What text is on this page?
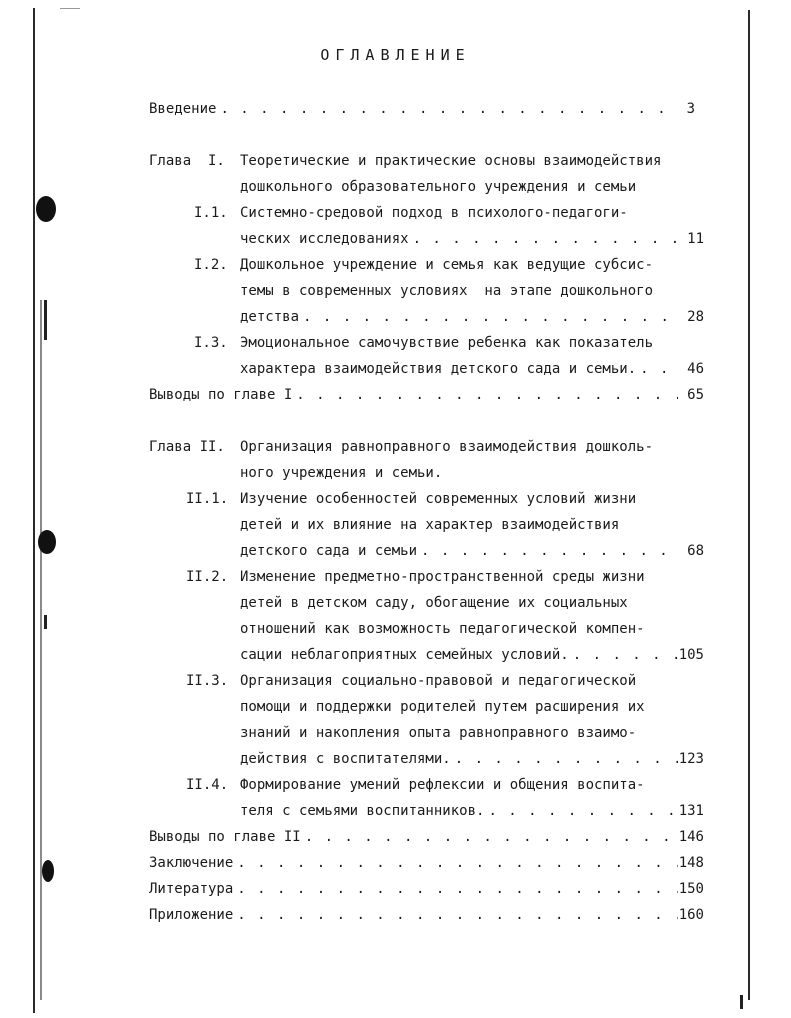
ОГЛАВЛЕНИЕ
Введение . . .	3
Глава  I. Теоретические и практические основы взаимодействия
дошкольного образовательного учреждения и семьи
I.1. Системно-средовой подход в психолого-педагоги-
ческих исследованиях . . .	11
I.2. Дошкольное учреждение и семья как ведущие субсис-
темы в современных условиях  на этапе дошкольного
детства . . .	28
I.3. Эмоциональное самочувствие ребенка как показатель
характера взаимодействия детского сада и семьи. . . .	46
Выводы по главе I . . .	65
Глава II. Организация равноправного взаимодействия дошколь-
ного учреждения и семьи.
II.1. Изучение особенностей современных условий жизни
детей и их влияние на характер взаимодействия
детского сада и семьи . . .	68
II.2. Изменение предметно-пространственной среды жизни
детей в детском саду, обогащение их социальных
отношений как возможность педагогической компен-
сации неблагоприятных семейных условий. . . .	105
II.3. Организация социально-правовой и педагогической
помощи и поддержки родителей путем расширения их
знаний и накопления опыта равноправного взаимо-
действия с воспитателями. . . .	123
II.4. Формирование умений рефлексии и общения воспита-
теля с семьями воспитанников. . . .	131
Выводы по главе II . . .	146
Заключение . . .	148
Литература . . .	150
Приложение . . .	160
